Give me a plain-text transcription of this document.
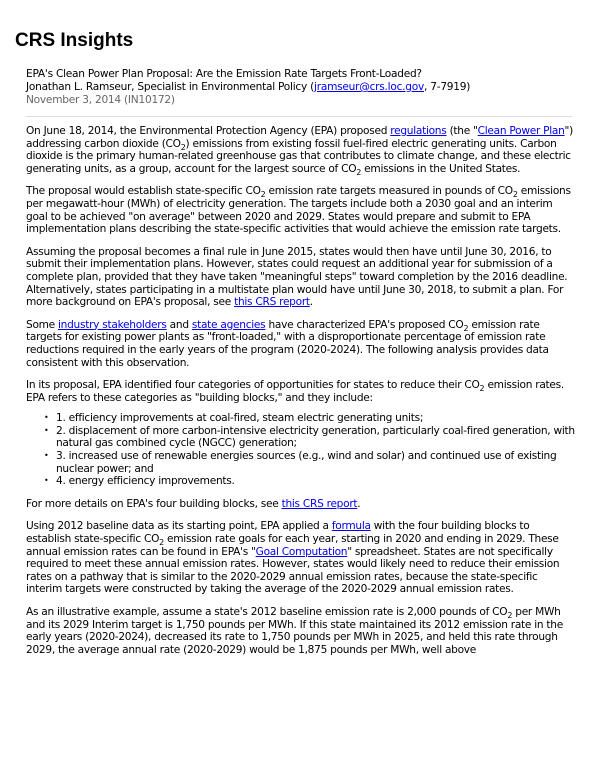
CRS Insights
EPA's Clean Power Plan Proposal: Are the Emission Rate Targets Front-Loaded?
Jonathan L. Ramseur, Specialist in Environmental Policy (jramseur@crs.loc.gov, 7-7919)
November 3, 2014 (IN10172)

On June 18, 2014, the Environmental Protection Agency (EPA) proposed regulations (the "Clean Power Plan") addressing carbon dioxide $(CO_2)$ emissions from existing fossil fuel-fired electric generating units. Carbon dioxide is the primary human-related greenhouse gas that contributes to climate change, and these electric generating units, as a group, account for the largest source of $CO_2$ emissions in the United States.

The proposal would establish state-specific $CO_2$ emission rate targets measured in pounds of $CO_2$ emissions per megawatt-hour (MWh) of electricity generation. The targets include both a 2030 goal and an interim goal to be achieved "on average" between 2020 and 2029. States would prepare and submit to EPA implementation plans describing the state-specific activities that would achieve the emission rate targets.

Assuming the proposal becomes a final rule in June 2015, states would then have until June 30, 2016, to submit their implementation plans. However, states could request an additional year for submission of a complete plan, provided that they have taken "meaningful steps" toward completion by the 2016 deadline. Alternatively, states participating in a multistate plan would have until June 30, 2018, to submit a plan. For more background on EPA's proposal, see this CRS report.

Some industry stakeholders and state agencies have characterized EPA's proposed $CO_2$ emission rate targets for existing power plants as "front-loaded," with a disproportionate percentage of emission rate reductions required in the early years of the program (2020-2024). The following analysis provides data consistent with this observation.

In its proposal, EPA identified four categories of opportunities for states to reduce their $CO_2$ emission rates. EPA refers to these categories as "building blocks," and they include:

• 1. efficiency improvements at coal-fired, steam electric generating units;
• 2. displacement of more carbon-intensive electricity generation, particularly coal-fired generation, with natural gas combined cycle (NGCC) generation;
• 3. increased use of renewable energies sources (e.g., wind and solar) and continued use of existing nuclear power; and
• 4. energy efficiency improvements.

For more details on EPA's four building blocks, see this CRS report.

Using 2012 baseline data as its starting point, EPA applied a formula with the four building blocks to establish state-specific $CO_2$ emission rate goals for each year, starting in 2020 and ending in 2029. These annual emission rates can be found in EPA's "Goal Computation" spreadsheet. States are not specifically required to meet these annual emission rates. However, states would likely need to reduce their emission rates on a pathway that is similar to the 2020-2029 annual emission rates, because the state-specific interim targets were constructed by taking the average of the 2020-2029 annual emission rates.

As an illustrative example, assume a state's 2012 baseline emission rate is 2,000 pounds of $CO_2$ per MWh and its 2029 Interim target is 1,750 pounds per MWh. If this state maintained its 2012 emission rate in the early years (2020-2024), decreased its rate to 1,750 pounds per MWh in 2025, and held this rate through 2029, the average annual rate (2020-2029) would be 1,875 pounds per MWh, well above
